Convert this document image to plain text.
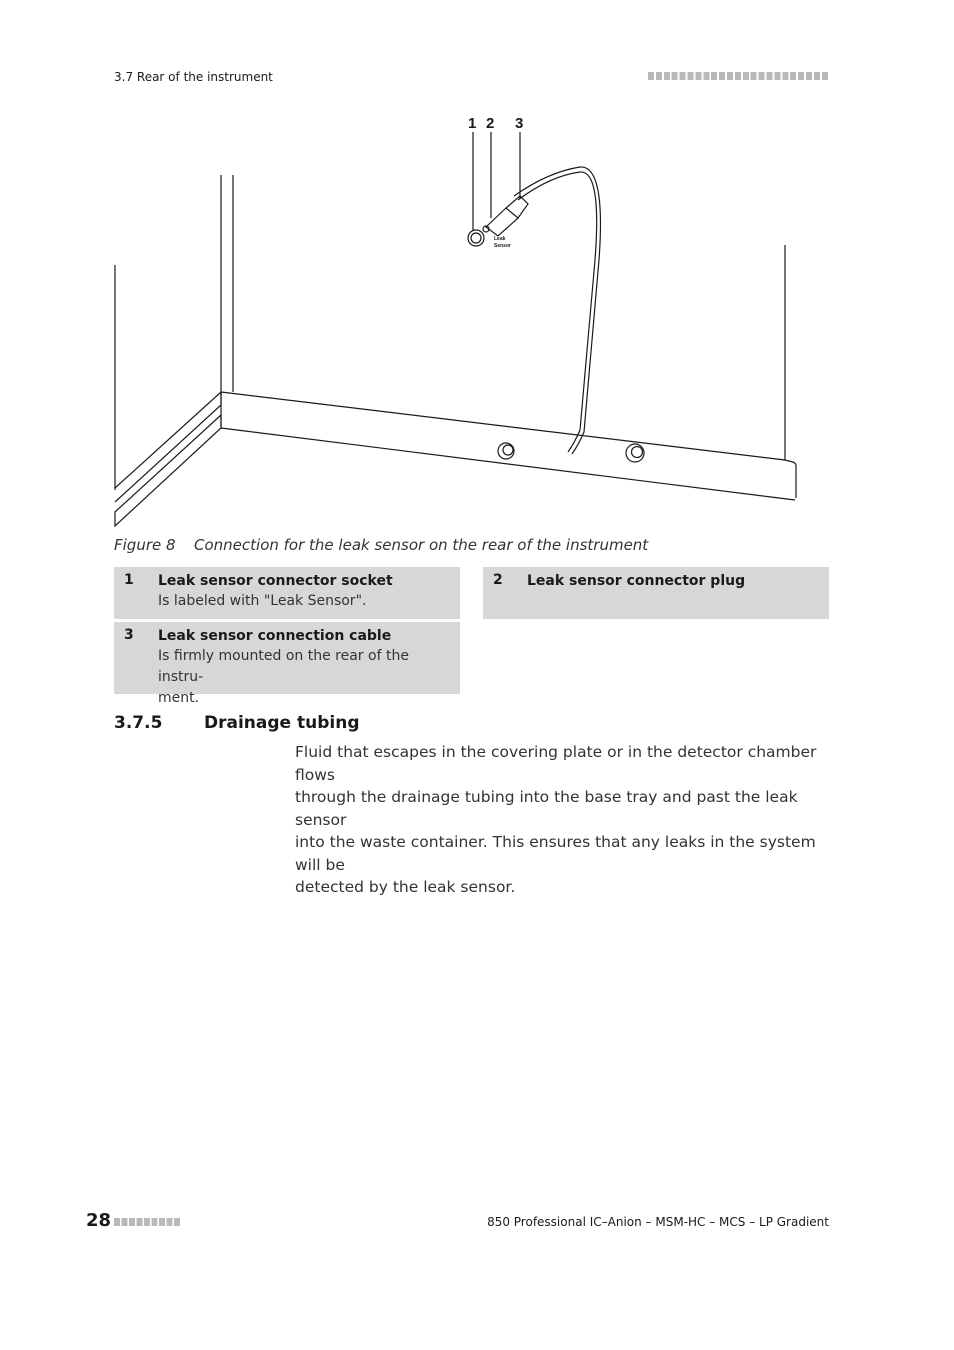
3.7 Rear of the instrument
1 2 3
Leak
Sensor
Figure 8 Connection for the leak sensor on the rear of the instrument
1 Leak sensor connector socket
Is labeled with "Leak Sensor".
2 Leak sensor connector plug
3 Leak sensor connection cable
Is firmly mounted on the rear of the instru-
ment.
3.7.5 Drainage tubing
Fluid that escapes in the covering plate or in the detector chamber flows
through the drainage tubing into the base tray and past the leak sensor
into the waste container. This ensures that any leaks in the system will be
detected by the leak sensor.
28	850 Professional IC–Anion – MSM-HC – MCS – LP Gradient
